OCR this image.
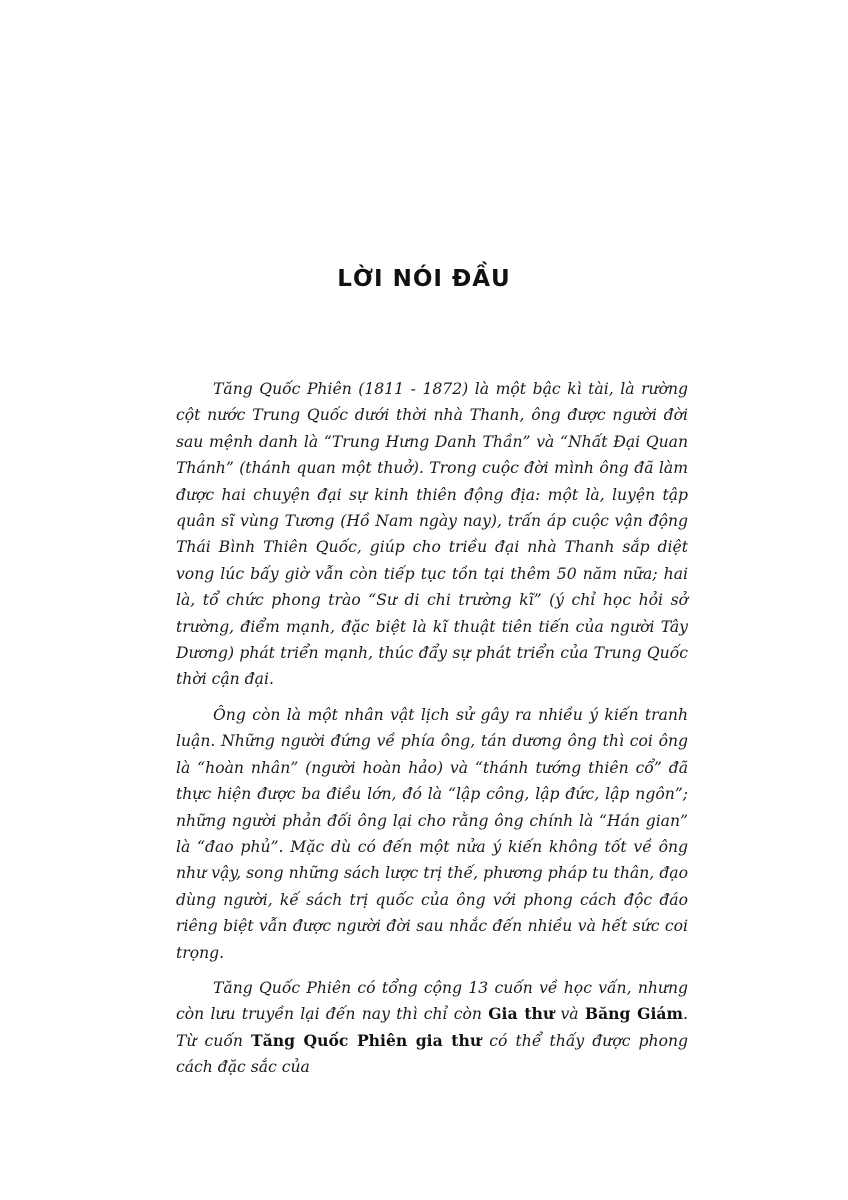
LỜI NÓI ĐẦU

Tăng Quốc Phiên (1811 - 1872) là một bậc kì tài, là rường cột nước Trung Quốc dưới thời nhà Thanh, ông được người đời sau mệnh danh là “Trung Hưng Danh Thần” và “Nhất Đại Quan Thánh” (thánh quan một thuở). Trong cuộc đời mình ông đã làm được hai chuyện đại sự kinh thiên động địa: một là, luyện tập quân sĩ vùng Tương (Hồ Nam ngày nay), trấn áp cuộc vận động Thái Bình Thiên Quốc, giúp cho triều đại nhà Thanh sắp diệt vong lúc bấy giờ vẫn còn tiếp tục tồn tại thêm 50 năm nữa; hai là, tổ chức phong trào “Sư di chi trường kĩ” (ý chỉ học hỏi sở trường, điểm mạnh, đặc biệt là kĩ thuật tiên tiến của người Tây Dương) phát triển mạnh, thúc đẩy sự phát triển của Trung Quốc thời cận đại.

Ông còn là một nhân vật lịch sử gây ra nhiều ý kiến tranh luận. Những người đứng về phía ông, tán dương ông thì coi ông là “hoàn nhân” (người hoàn hảo) và “thánh tướng thiên cổ” đã thực hiện được ba điều lớn, đó là “lập công, lập đức, lập ngôn”; những người phản đối ông lại cho rằng ông chính là “Hán gian” là “đao phủ”. Mặc dù có đến một nửa ý kiến không tốt về ông như vậy, song những sách lược trị thế, phương pháp tu thân, đạo dùng người, kế sách trị quốc của ông với phong cách độc đáo riêng biệt vẫn được người đời sau nhắc đến nhiều và hết sức coi trọng.

Tăng Quốc Phiên có tổng cộng 13 cuốn về học vấn, nhưng còn lưu truyền lại đến nay thì chỉ còn Gia thư và Băng Giám. Từ cuốn Tăng Quốc Phiên gia thư có thể thấy được phong cách đặc sắc của
